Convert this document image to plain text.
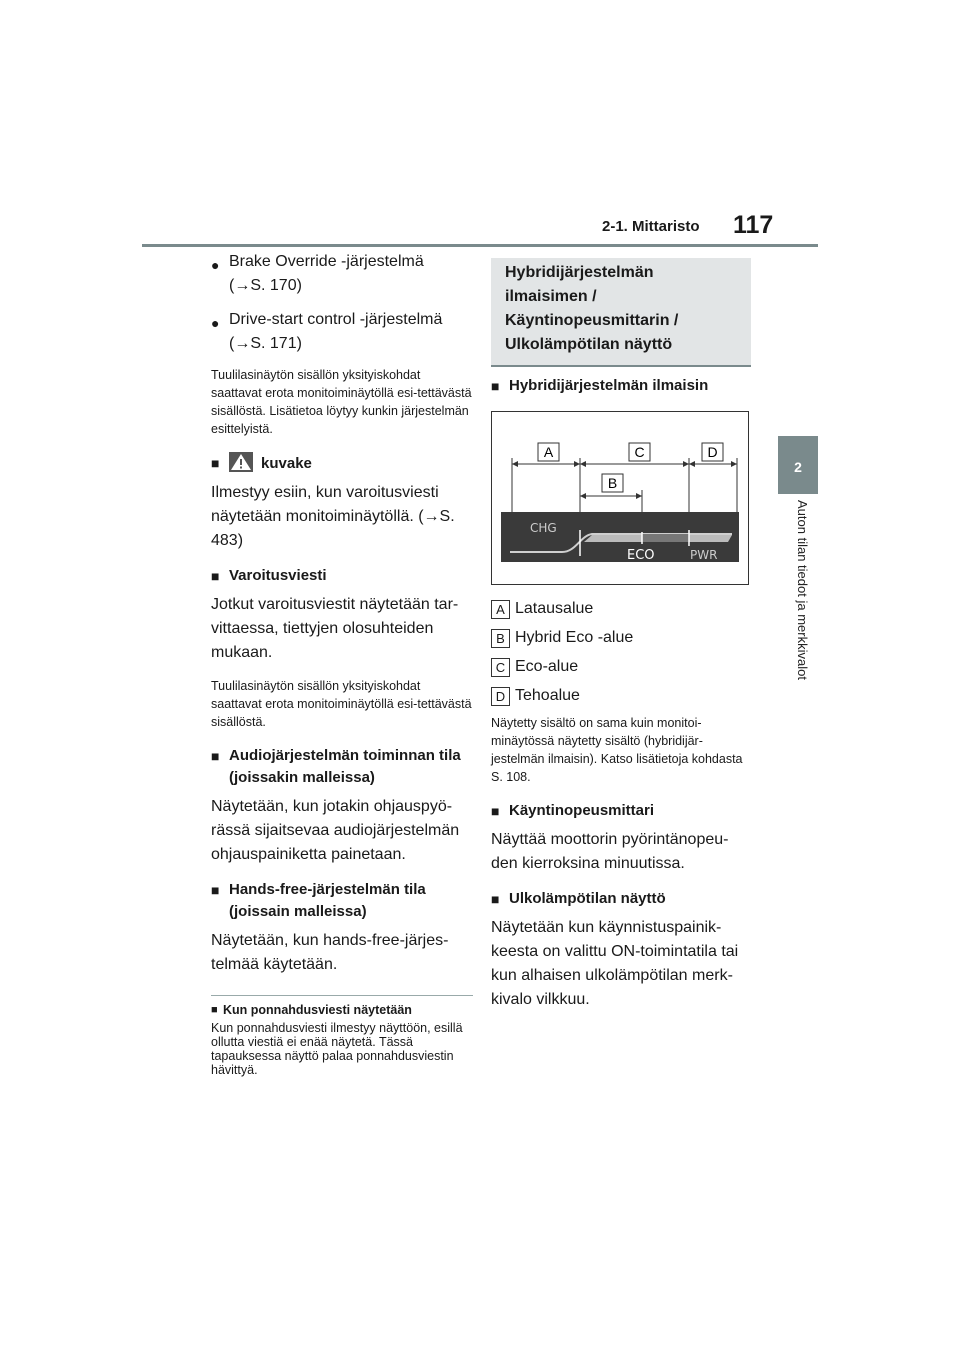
2-1. Mittaristo 117
2
Auton tilan tiedot ja merkkivalot
● Brake Override -järjestelmä
(→S. 170)
● Drive-start control -järjestelmä
(→S. 171)

Tuulilasinäytön sisällön yksityiskohdat saattavat erota monitoiminäytöllä esi-tettävästä sisällöstä. Lisätietoa löytyy kunkin järjestelmän esittelyistä.

■	kuvake

Ilmestyy esiin, kun varoitusviesti näytetään monitoiminäytöllä. (→S. 483)

■ Varoitusviesti

Jotkut varoitusviestit näytetään tar-vittaessa, tiettyjen olosuhteiden mukaan.

Tuulilasinäytön sisällön yksityiskohdat saattavat erota monitoiminäytöllä esi-tettävästä sisällöstä.

■ Audiojärjestelmän toiminnan tila (joissakin malleissa)

Näytetään, kun jotakin ohjauspyö-rässä sijaitsevaa audiojärjestelmän ohjauspainiketta painetaan.

■ Hands-free-järjestelmän tila (joissain malleissa)

Näytetään, kun hands-free-järjes-telmää käytetään.

■ Kun ponnahdusviesti näytetään
Kun ponnahdusviesti ilmestyy näyttöön, esillä ollutta viestiä ei enää näytetä. Tässä tapauksessa näyttö palaa ponnahdusviestin hävittyä.
Hybridijärjestelmän ilmaisimen / Käyntinopeusmittarin / Ulkolämpötilan näyttö
■ Hybridijärjestelmän ilmaisin
A	C	D
B
CHG
ECO	PWR
A Latausalue
B Hybrid Eco -alue
C Eco-alue
D Tehoalue

Näytetty sisältö on sama kuin monitoi-minäytössä näytetty sisältö (hybridijär-jestelmän ilmaisin). Katso lisätietoja kohdasta S. 108.

■ Käyntinopeusmittari

Näyttää moottorin pyörintänopeu-den kierroksina minuutissa.

■ Ulkolämpötilan näyttö

Näytetään kun käynnistuspainik-keesta on valittu ON-toimintatila tai kun alhaisen ulkolämpötilan merk-kivalo vilkkuu.
